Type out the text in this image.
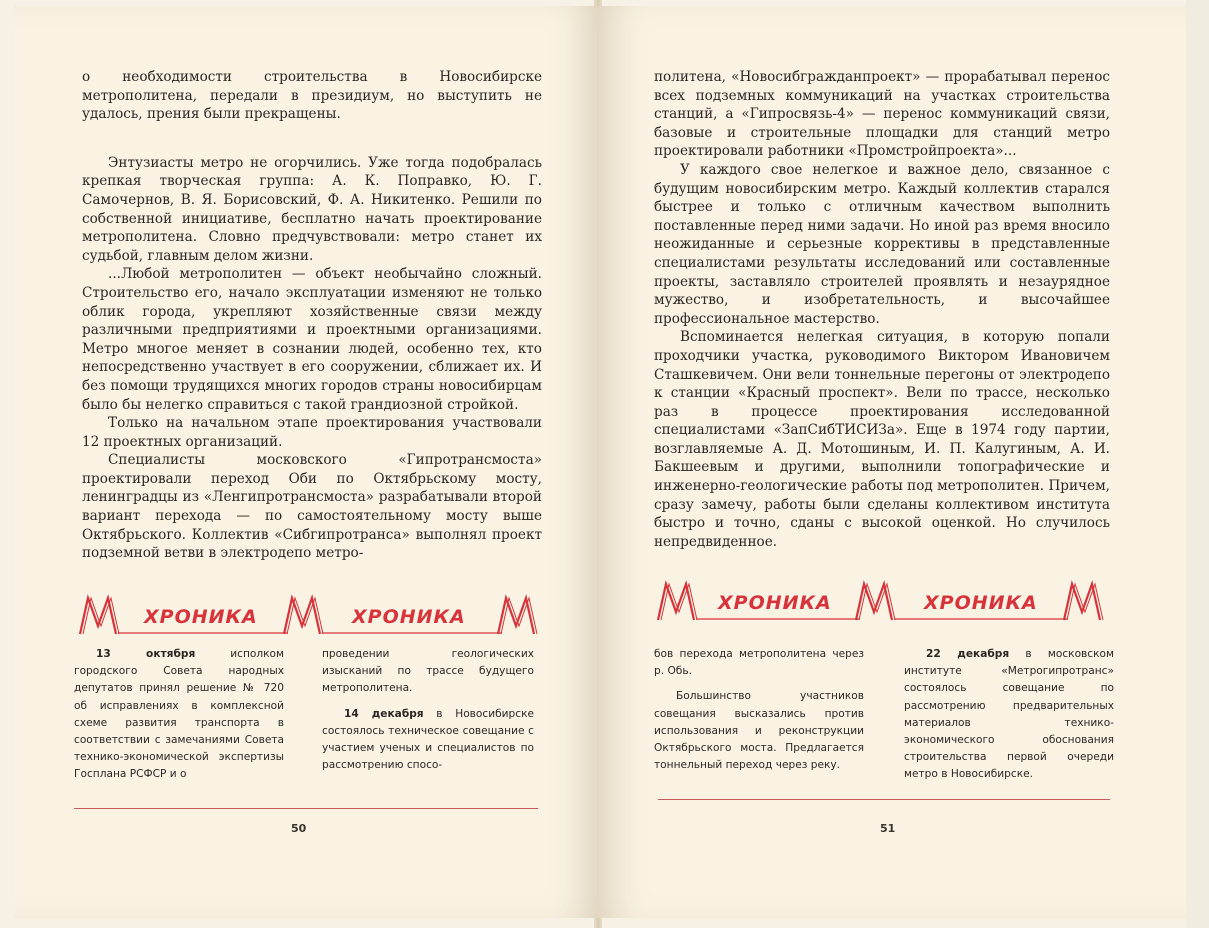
о необходимости строительства в Новосибирске метрополитена, передали в президиум, но выступить не удалось, прения были прекращены.

Энтузиасты метро не огорчились. Уже тогда подобралась крепкая творческая группа: А. К. Поправко, Ю. Г. Самочернов, В. Я. Борисовский, Ф. А. Никитенко. Решили по собственной инициативе, бесплатно начать проектирование метрополитена. Словно предчувствовали: метро станет их судьбой, главным делом жизни.

...Любой метрополитен — объект необычайно сложный. Строительство его, начало эксплуатации изменяют не только облик города, укрепляют хозяйственные связи между различными предприятиями и проектными организациями. Метро многое меняет в сознании людей, особенно тех, кто непосредственно участвует в его сооружении, сближает их. И без помощи трудящихся многих городов страны новосибирцам было бы нелегко справиться с такой грандиозной стройкой.

Только на начальном этапе проектирования участвовали 12 проектных организаций.

Специалисты московского «Гипротрансмоста» проектировали переход Оби по Октябрьскому мосту, ленинградцы из «Ленгипротрансмоста» разрабатывали второй вариант перехода — по самостоятельному мосту выше Октябрьского. Коллектив «Сибгипротранса» выполнял проект подземной ветви в электродепо метро-

ХРОНИКА	ХРОНИКА

13 октября исполком городского Совета народных депутатов принял решение № 720 об исправлениях в комплексной схеме развития транспорта в соответствии с замечаниями Совета технико-экономической экспертизы Госплана РСФСР и о

проведении геологических изысканий по трассе будущего метрополитена.

14 декабря в Новосибирске состоялось техническое совещание с участием ученых и специалистов по рассмотрению спосо-

50

политена, «Новосибгражданпроект» — прорабатывал перенос всех подземных коммуникаций на участках строительства станций, а «Гипросвязь-4» — перенос коммуникаций связи, базовые и строительные площадки для станций метро проектировали работники «Промстройпроекта»...

У каждого свое нелегкое и важное дело, связанное с будущим новосибирским метро. Каждый коллектив старался быстрее и только с отличным качеством выполнить поставленные перед ними задачи. Но иной раз время вносило неожиданные и серьезные коррективы в представленные специалистами результаты исследований или составленные проекты, заставляло строителей проявлять и незаурядное мужество, и изобретательность, и высочайшее профессиональное мастерство.

Вспоминается нелегкая ситуация, в которую попали проходчики участка, руководимого Виктором Ивановичем Сташкевичем. Они вели тоннельные перегоны от электродепо к станции «Красный проспект». Вели по трассе, несколько раз в процессе проектирования исследованной специалистами «ЗапСибТИСИЗа». Еще в 1974 году партии, возглавляемые А. Д. Мотошиным, И. П. Калугиным, А. И. Бакшеевым и другими, выполнили топографические и инженерно-геологические работы под метрополитен. Причем, сразу замечу, работы были сделаны коллективом института быстро и точно, сданы с высокой оценкой. Но случилось непредвиденное.

ХРОНИКА	ХРОНИКА

бов перехода метрополитена через р. Обь.

Большинство участников совещания высказались против использования и реконструкции Октябрьского моста. Предлагается тоннельный переход через реку.

22 декабря в московском институте «Метрогипротранс» состоялось совещание по рассмотрению предварительных материалов технико-экономического обоснования строительства первой очереди метро в Новосибирске.

51
